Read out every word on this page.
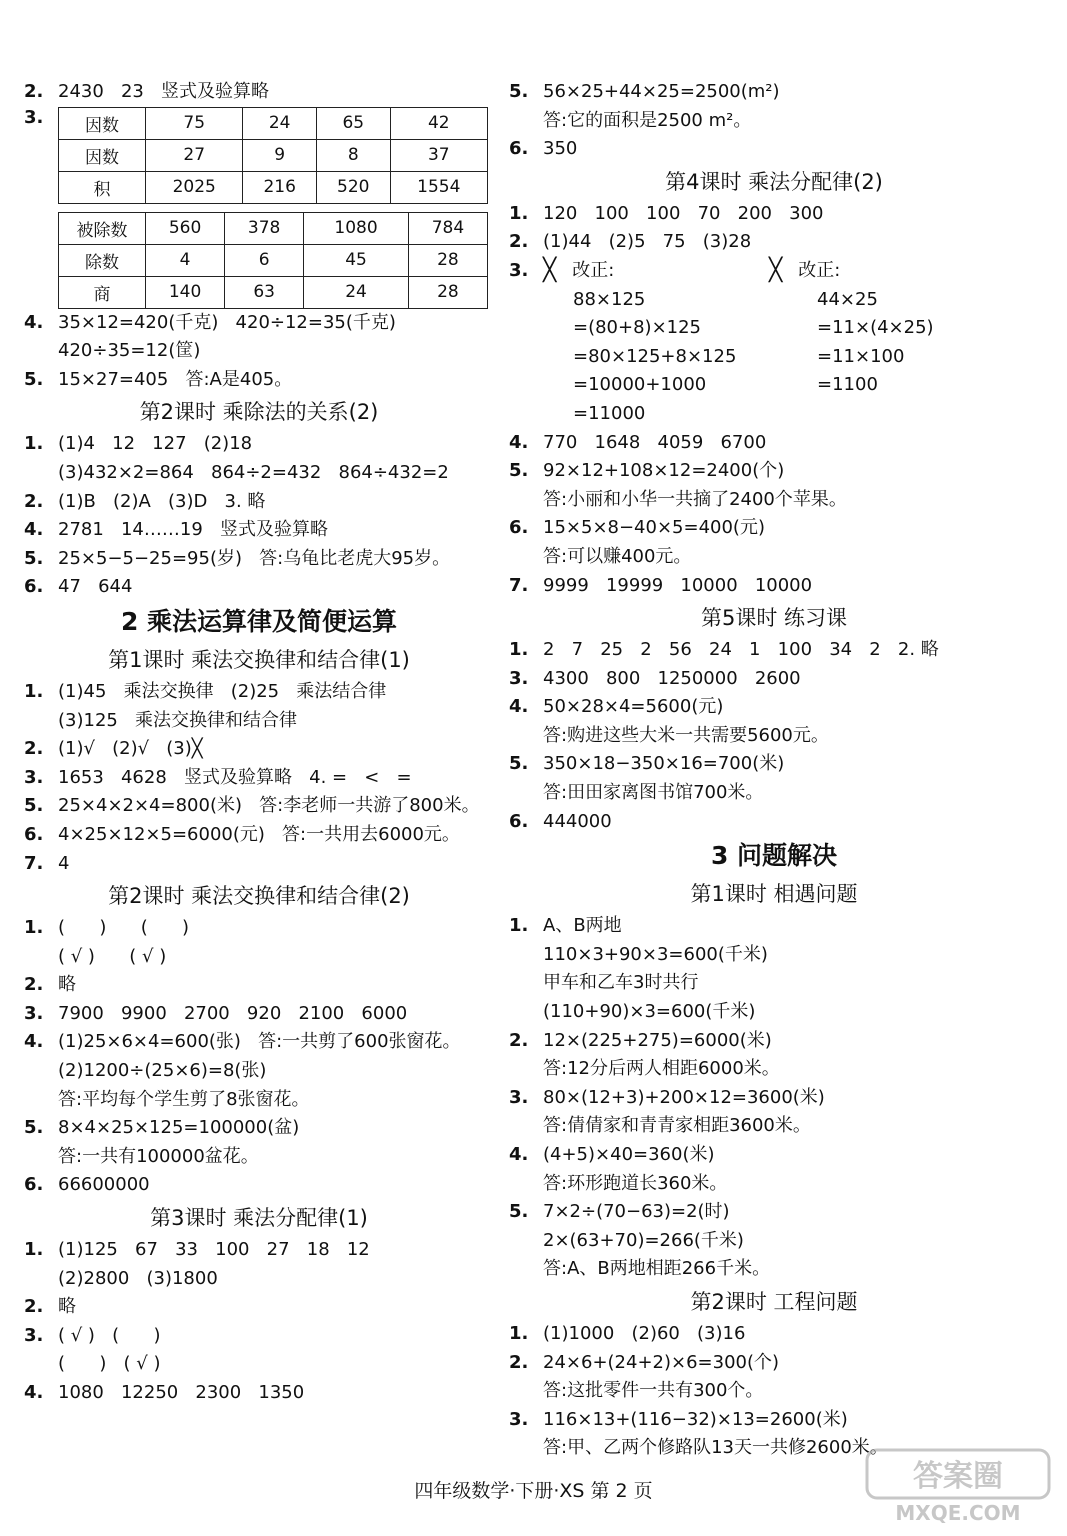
2. 2430   23   竖式及验算略
3. 因数	75	24	65	42
因数	27	9	8	37
积	2025	216	520	1554
被除数	560	378	1080	784
除数	4	6	45	28
商	140	63	24	28
4. 35×12=420(千克)   420÷12=35(千克)
420÷35=12(筐)
5. 15×27=405   答:A是405。
第2课时 乘除法的关系(2)
1. (1)4   12   127   (2)18
(3)432×2=864   864÷2=432   864÷432=2
2. (1)B   (2)A   (3)D   3. 略
4. 2781   14……19   竖式及验算略
5. 25×5−5−25=95(岁)   答:乌龟比老虎大95岁。
6. 47   644
2 乘法运算律及简便运算
第1课时 乘法交换律和结合律(1)
1. (1)45   乘法交换律   (2)25   乘法结合律
(3)125   乘法交换律和结合律
2. (1)√   (2)√   (3)╳
3. 1653   4628   竖式及验算略   4. =   <   =
5. 25×4×2×4=800(米)   答:李老师一共游了800米。
6. 4×25×12×5=6000(元)   答:一共用去6000元。
7. 4
第2课时 乘法交换律和结合律(2)
1. (      )      (      )
( √ )      ( √ )
2. 略
3. 7900   9900   2700   920   2100   6000
4. (1)25×6×4=600(张)   答:一共剪了600张窗花。
(2)1200÷(25×6)=8(张)
答:平均每个学生剪了8张窗花。
5. 8×4×25×125=100000(盆)
答:一共有100000盆花。
6. 66600000
第3课时 乘法分配律(1)
1. (1)125   67   33   100   27   18   12
(2)2800   (3)1800
2. 略
3. ( √ )   (      )
(      )   ( √ )
4. 1080   12250   2300   1350
5. 56×25+44×25=2500(m²)
答:它的面积是2500 m²。
6. 350
第4课时 乘法分配律(2)
1. 120   100   100   70   200   300
2. (1)44   (2)5   75   (3)28
3. ╳ 改正:
88×125
=(80+8)×125
=80×125+8×125
=10000+1000
=11000
╳ 改正:
44×25
=11×(4×25)
=11×100
=1100
4. 770   1648   4059   6700
5. 92×12+108×12=2400(个)
答:小丽和小华一共摘了2400个苹果。
6. 15×5×8−40×5=400(元)
答:可以赚400元。
7. 9999   19999   10000   10000
第5课时 练习课
1. 2   7   25   2   56   24   1   100   34   2   2. 略
3. 4300   800   1250000   2600
4. 50×28×4=5600(元)
答:购进这些大米一共需要5600元。
5. 350×18−350×16=700(米)
答:田田家离图书馆700米。
6. 444000
3 问题解决
第1课时 相遇问题
1. A、B两地
110×3+90×3=600(千米)
甲车和乙车3时共行
(110+90)×3=600(千米)
2. 12×(225+275)=6000(米)
答:12分后两人相距6000米。
3. 80×(12+3)+200×12=3600(米)
答:倩倩家和青青家相距3600米。
4. (4+5)×40=360(米)
答:环形跑道长360米。
5. 7×2÷(70−63)=2(时)
2×(63+70)=266(千米)
答:A、B两地相距266千米。
第2课时 工程问题
1. (1)1000   (2)60   (3)16
2. 24×6+(24+2)×6=300(个)
答:这批零件一共有300个。
3. 116×13+(116−32)×13=2600(米)
答:甲、乙两个修路队13天一共修2600米。
四年级数学·下册·XS 第 2 页	答案圈
MXQE.COM
